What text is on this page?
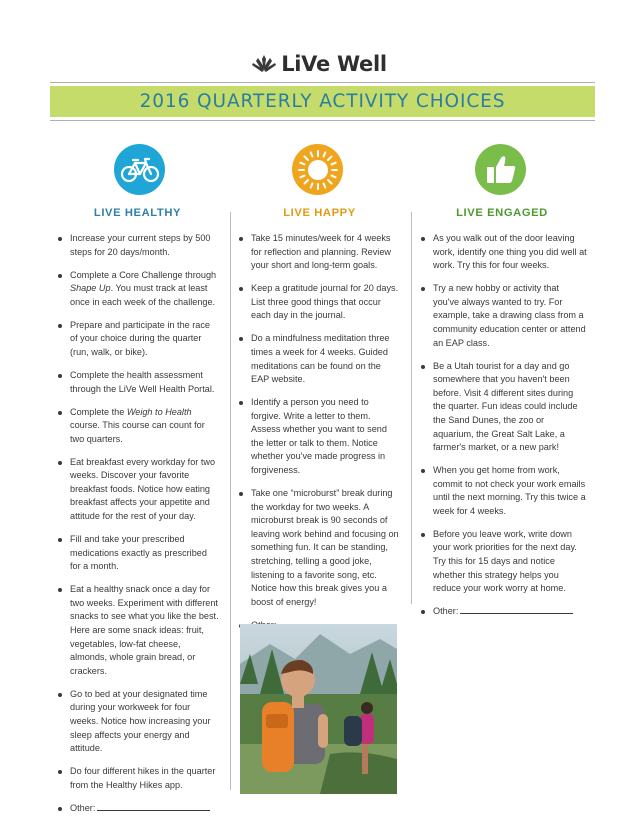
LiVe Well
2016 QUARTERLY ACTIVITY CHOICES
LIVE HEALTHY	LIVE HAPPY	LIVE ENGAGED
Increase your current steps by 500 steps for 20 days/month.
Complete a Core Challenge through Shape Up. You must track at least once in each week of the challenge.
Prepare and participate in the race of your choice during the quarter (run, walk, or bike).
Complete the health assessment through the LiVe Well Health Portal.
Complete the Weigh to Health course. This course can count for two quarters.
Eat breakfast every workday for two weeks. Discover your favorite breakfast foods. Notice how eating breakfast affects your appetite and attitude for the rest of your day.
Fill and take your prescribed medications exactly as prescribed for a month.
Eat a healthy snack once a day for two weeks. Experiment with different snacks to see what you like the best. Here are some snack ideas: fruit, vegetables, low-fat cheese, almonds, whole grain bread, or crackers.
Go to bed at your designated time during your workweek for four weeks. Notice how increasing your sleep affects your energy and attitude.
Do four different hikes in the quarter from the Healthy Hikes app.
Other:
Take 15 minutes/week for 4 weeks for reflection and planning. Review your short and long-term goals.
Keep a gratitude journal for 20 days. List three good things that occur each day in the journal.
Do a mindfulness meditation three times a week for 4 weeks. Guided meditations can be found on the EAP website.
Identify a person you need to forgive. Write a letter to them. Assess whether you want to send the letter or talk to them. Notice whether you've made progress in forgiveness.
Take one “microburst” break during the workday for two weeks. A microburst break is 90 seconds of leaving work behind and focusing on something fun. It can be standing, stretching, telling a good joke, listening to a favorite song, etc. Notice how this break gives you a boost of energy!
As you walk out of the door leaving work, identify one thing you did well at work. Try this for four weeks.
Try a new hobby or activity that you've always wanted to try. For example, take a drawing class from a community education center or attend an EAP class.
Be a Utah tourist for a day and go somewhere that you haven't been before. Visit 4 different sites during the quarter. Fun ideas could include the Sand Dunes, the zoo or aquarium, the Great Salt Lake, a farmer's market, or a new park!
When you get home from work, commit to not check your work emails until the next morning. Try this twice a week for 4 weeks.
Before you leave work, write down your work priorities for the next day. Try this for 15 days and notice whether this strategy helps you reduce your work worry at home.
Other:
